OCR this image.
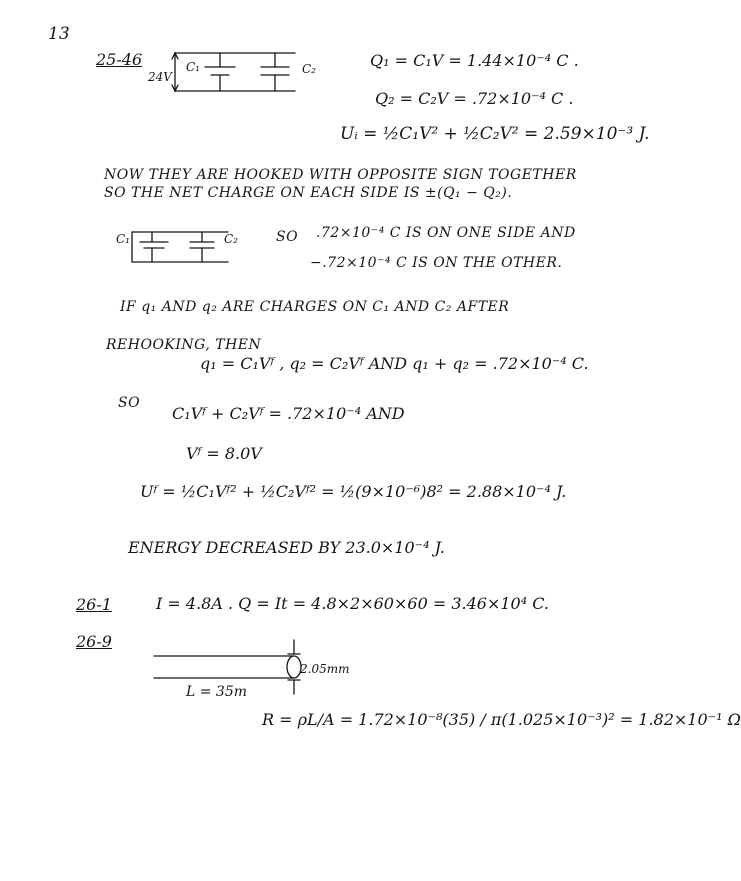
13
25-46	C₁	C₂
24V
Q₁ = C₁V = 1.44×10⁻⁴ C .
Q₂ = C₂V = .72×10⁻⁴ C .
Uᵢ = ½C₁V² + ½C₂V² = 2.59×10⁻³ J.
NOW THEY ARE HOOKED WITH OPPOSITE SIGN TOGETHER
SO THE NET CHARGE ON EACH SIDE IS ±(Q₁ − Q₂).
C₁	C₂	SO .72×10⁻⁴ C IS ON ONE SIDE AND
−.72×10⁻⁴ C IS ON THE OTHER.
IF q₁ AND q₂ ARE CHARGES ON C₁ AND C₂ AFTER
REHOOKING, THEN
q₁ = C₁Vᶠ , q₂ = C₂Vᶠ AND q₁ + q₂ = .72×10⁻⁴ C.
SO
C₁Vᶠ + C₂Vᶠ = .72×10⁻⁴ AND
Vᶠ = 8.0V
Uᶠ = ½C₁Vᶠ² + ½C₂Vᶠ² = ½(9×10⁻⁶)8² = 2.88×10⁻⁴ J.
ENERGY DECREASED BY 23.0×10⁻⁴ J.
26-1	I = 4.8A . Q = It = 4.8×2×60×60 = 3.46×10⁴ C.
26-9
2.05mm
L = 35m
R = ρL/A = 1.72×10⁻⁸(35) / π(1.025×10⁻³)² = 1.82×10⁻¹ Ω
